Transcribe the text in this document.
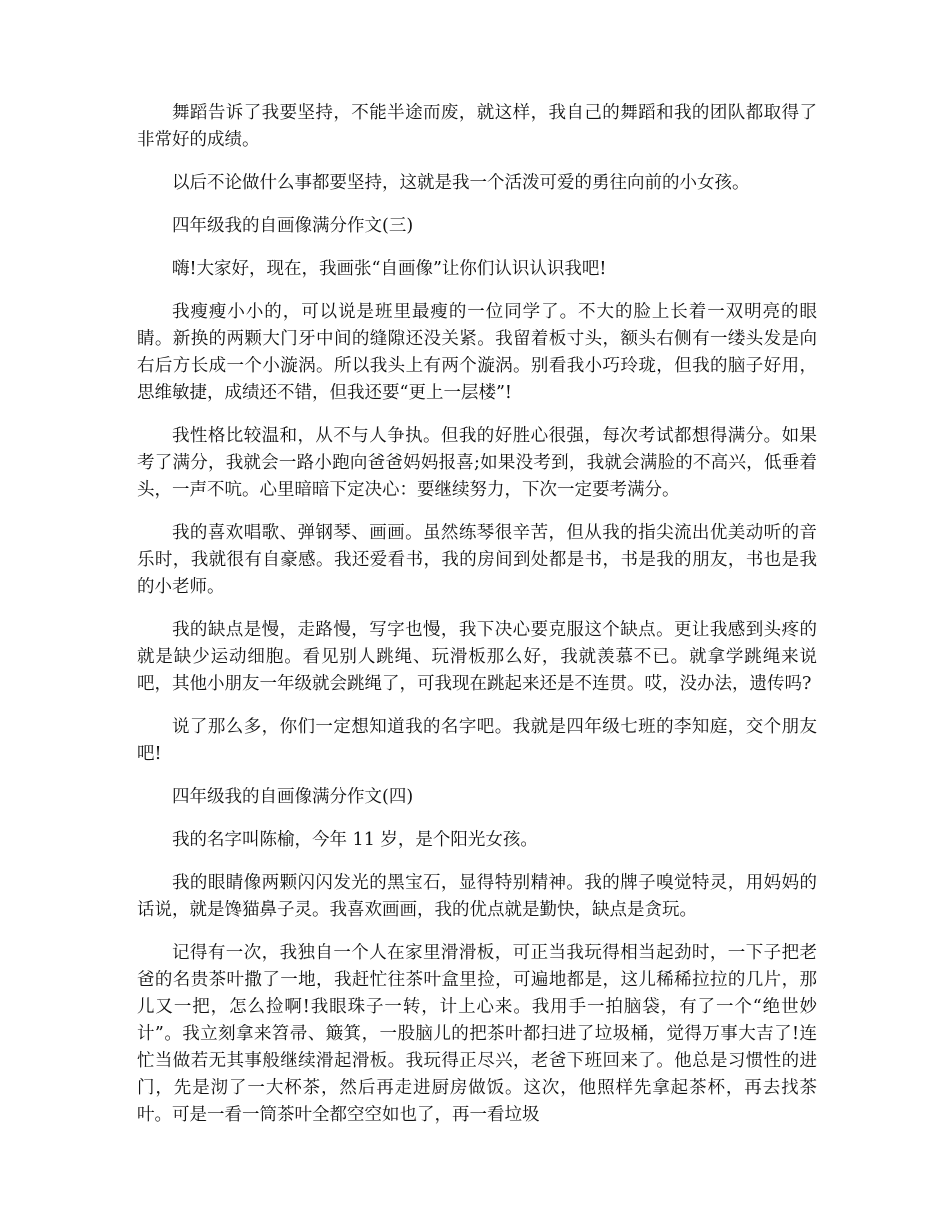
舞蹈告诉了我要坚持，不能半途而废，就这样，我自己的舞蹈和我的团队都取得了非常好的成绩。

以后不论做什么事都要坚持，这就是我一个活泼可爱的勇往向前的小女孩。

四年级我的自画像满分作文(三)

嗨!大家好，现在，我画张“自画像”让你们认识认识我吧!

我瘦瘦小小的，可以说是班里最瘦的一位同学了。不大的脸上长着一双明亮的眼睛。新换的两颗大门牙中间的缝隙还没关紧。我留着板寸头，额头右侧有一缕头发是向右后方长成一个小漩涡。所以我头上有两个漩涡。别看我小巧玲珑，但我的脑子好用，思维敏捷，成绩还不错，但我还要“更上一层楼”!

我性格比较温和，从不与人争执。但我的好胜心很强，每次考试都想得满分。如果考了满分，我就会一路小跑向爸爸妈妈报喜;如果没考到，我就会满脸的不高兴，低垂着头，一声不吭。心里暗暗下定决心：要继续努力，下次一定要考满分。

我的喜欢唱歌、弹钢琴、画画。虽然练琴很辛苦，但从我的指尖流出优美动听的音乐时，我就很有自豪感。我还爱看书，我的房间到处都是书，书是我的朋友，书也是我的小老师。

我的缺点是慢，走路慢，写字也慢，我下决心要克服这个缺点。更让我感到头疼的就是缺少运动细胞。看见别人跳绳、玩滑板那么好，我就羡慕不已。就拿学跳绳来说吧，其他小朋友一年级就会跳绳了，可我现在跳起来还是不连贯。哎，没办法，遗传吗?

说了那么多，你们一定想知道我的名字吧。我就是四年级七班的李知庭，交个朋友吧!

四年级我的自画像满分作文(四)

我的名字叫陈榆，今年 11 岁，是个阳光女孩。

我的眼睛像两颗闪闪发光的黑宝石，显得特别精神。我的牌子嗅觉特灵，用妈妈的话说，就是馋猫鼻子灵。我喜欢画画，我的优点就是勤快，缺点是贪玩。

记得有一次，我独自一个人在家里滑滑板，可正当我玩得相当起劲时，一下子把老爸的名贵茶叶撒了一地，我赶忙往茶叶盒里捡，可遍地都是，这儿稀稀拉拉的几片，那儿又一把，怎么捡啊!我眼珠子一转，计上心来。我用手一拍脑袋，有了一个“绝世妙计”。我立刻拿来笤帚、簸箕，一股脑儿的把茶叶都扫进了垃圾桶，觉得万事大吉了!连忙当做若无其事般继续滑起滑板。我玩得正尽兴，老爸下班回来了。他总是习惯性的进门，先是沏了一大杯茶，然后再走进厨房做饭。这次，他照样先拿起茶杯，再去找茶叶。可是一看一筒茶叶全都空空如也了，再一看垃圾
